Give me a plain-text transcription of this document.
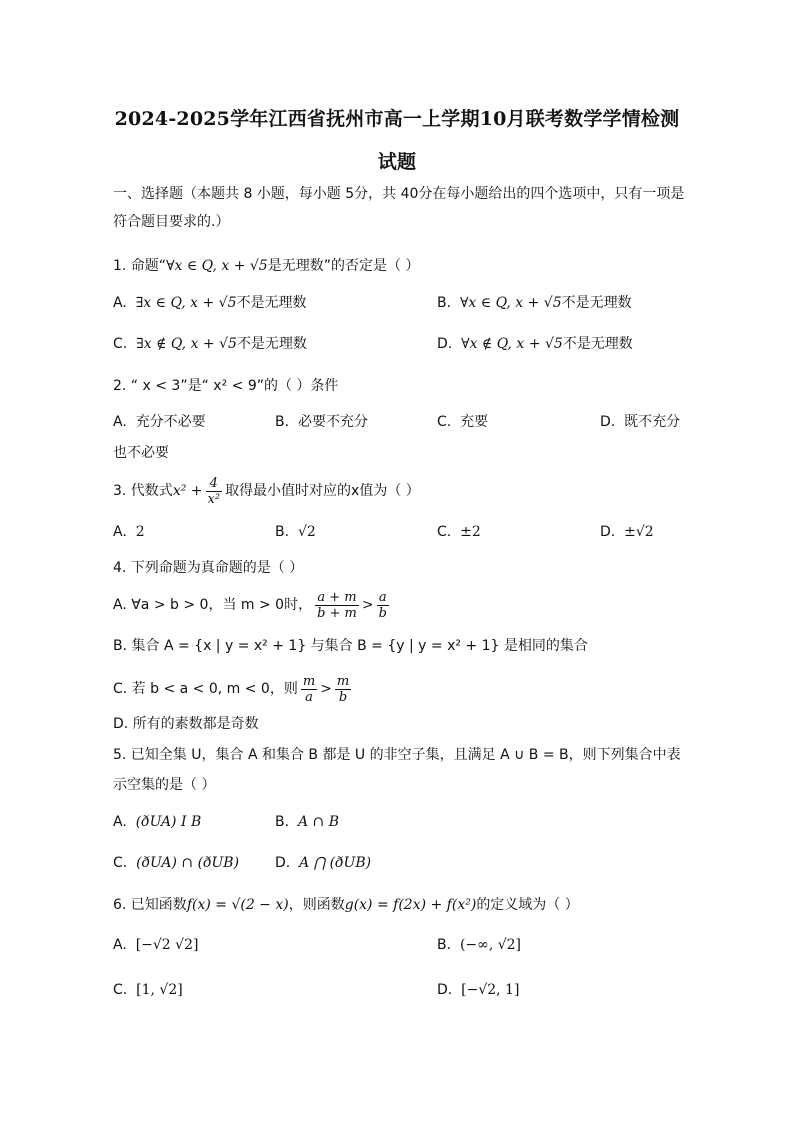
2024-2025学年江西省抚州市高一上学期10月联考数学学情检测
试题
一、选择题（本题共 8 小题，每小题 5分，共 40分在每小题给出的四个选项中，只有一项是
符合题目要求的.）
1. 命题“∀x ∈ Q, x + √5是无理数”的否定是（ ）
A. ∃x ∈ Q, x + √5不是无理数	B. ∀x ∈ Q, x + √5不是无理数
C. ∃x ∉ Q, x + √5不是无理数	D. ∀x ∉ Q, x + √5不是无理数
2. “ x < 3”是“ x² < 9”的（ ）条件
A. 充分不必要	B. 必要不充分	C. 充要	D. 既不充分
也不必要
3. 代数式$x^2 + \frac{4}{\text{x²}}$ 取得最小值时对应的x值为（ ）
A. 2	B. √2	C. ±2	D. ±√2
4. 下列命题为真命题的是（ ）
A. ∀a > b > 0，当 m > 0时， $\frac{a + m}{b + m} > \frac{a}{b}$
B. 集合 A = {x | y = x² + 1} 与集合 B = {y | y = x² + 1} 是相同的集合
C. 若 b < a < 0, m < 0，则 $\frac{m}{a} > \frac{m}{b}$
D. 所有的素数都是奇数
5. 已知全集 U，集合 A 和集合 B 都是 U 的非空子集，且满足 A ∪ B = B，则下列集合中表
示空集的是（ ）
A. (ðUA) I B	B. A ∩ B
C. (ðUA) ∩ (ðUB)	D. A ⋂ (ðUB)
6. 已知函数f(x) = √(2 − x)，则函数g(x) = f(2x) + f(x²)的定义域为（ ）
A. [−√2 √2]	B. (−∞, √2]
C. [1, √2]	D. [−√2, 1]
